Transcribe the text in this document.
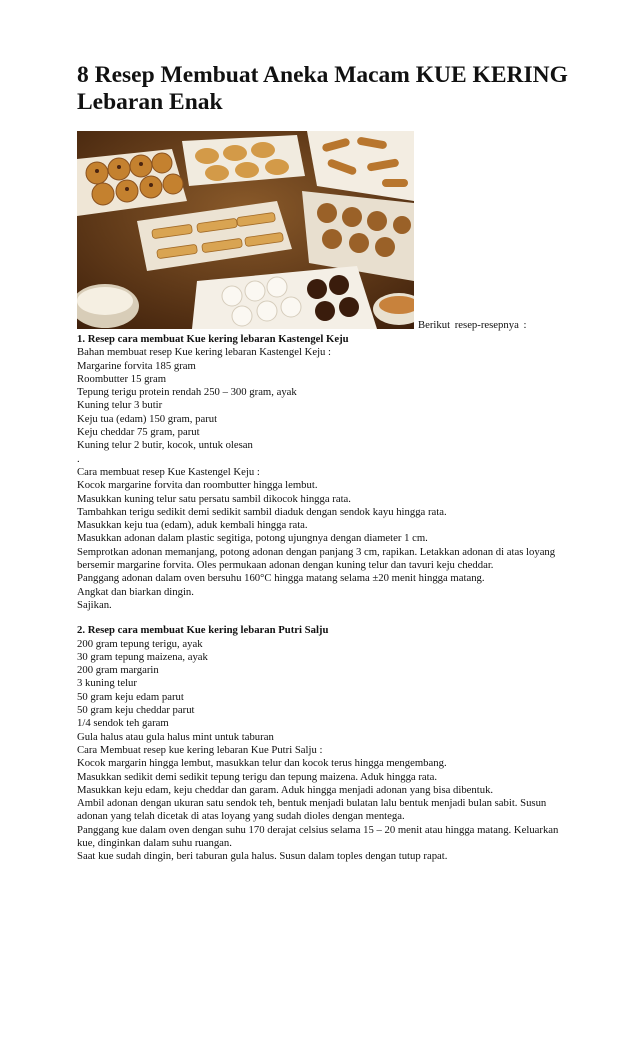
8 Resep Membuat Aneka Macam KUE KERING Lebaran Enak
Berikut resep-resepnya :
1. Resep cara membuat Kue kering lebaran Kastengel Keju
Bahan membuat resep Kue kering lebaran Kastengel Keju :
Margarine forvita 185 gram
Roombutter 15 gram
Tepung terigu protein rendah 250 – 300 gram, ayak
Kuning telur 3 butir
Keju tua (edam) 150 gram, parut
Keju cheddar 75 gram, parut
Kuning telur 2 butir, kocok, untuk olesan
.
Cara membuat resep Kue Kastengel Keju :
Kocok margarine forvita dan roombutter hingga lembut.
Masukkan kuning telur satu persatu sambil dikocok hingga rata.
Tambahkan terigu sedikit demi sedikit sambil diaduk dengan sendok kayu hingga rata.
Masukkan keju tua (edam), aduk kembali hingga rata.
Masukkan adonan dalam plastic segitiga, potong ujungnya dengan diameter 1 cm.
Semprotkan adonan memanjang, potong adonan dengan panjang 3 cm, rapikan. Letakkan adonan di atas loyang bersemir margarine forvita. Oles permukaan adonan dengan kuning telur dan tavuri keju cheddar.
Panggang adonan dalam oven bersuhu 160°C hingga matang selama ±20 menit hingga matang.
Angkat dan biarkan dingin.
Sajikan.
2. Resep cara membuat Kue kering lebaran Putri Salju
200 gram tepung terigu, ayak
30 gram tepung maizena, ayak
200 gram margarin
3 kuning telur
50 gram keju edam parut
50 gram keju cheddar parut
1/4 sendok teh garam
Gula halus atau gula halus mint untuk taburan
Cara Membuat resep kue kering lebaran Kue Putri Salju :
Kocok margarin hingga lembut, masukkan telur dan kocok terus hingga mengembang.
Masukkan sedikit demi sedikit tepung terigu dan tepung maizena. Aduk hingga rata.
Masukkan keju edam, keju cheddar dan garam. Aduk hingga menjadi adonan yang bisa dibentuk.
Ambil adonan dengan ukuran satu sendok teh, bentuk menjadi bulatan lalu bentuk menjadi bulan sabit. Susun adonan yang telah dicetak di atas loyang yang sudah dioles dengan mentega.
Panggang kue dalam oven dengan suhu 170 derajat celsius selama 15 – 20 menit atau hingga matang. Keluarkan kue, dinginkan dalam suhu ruangan.
Saat kue sudah dingin, beri taburan gula halus. Susun dalam toples dengan tutup rapat.
